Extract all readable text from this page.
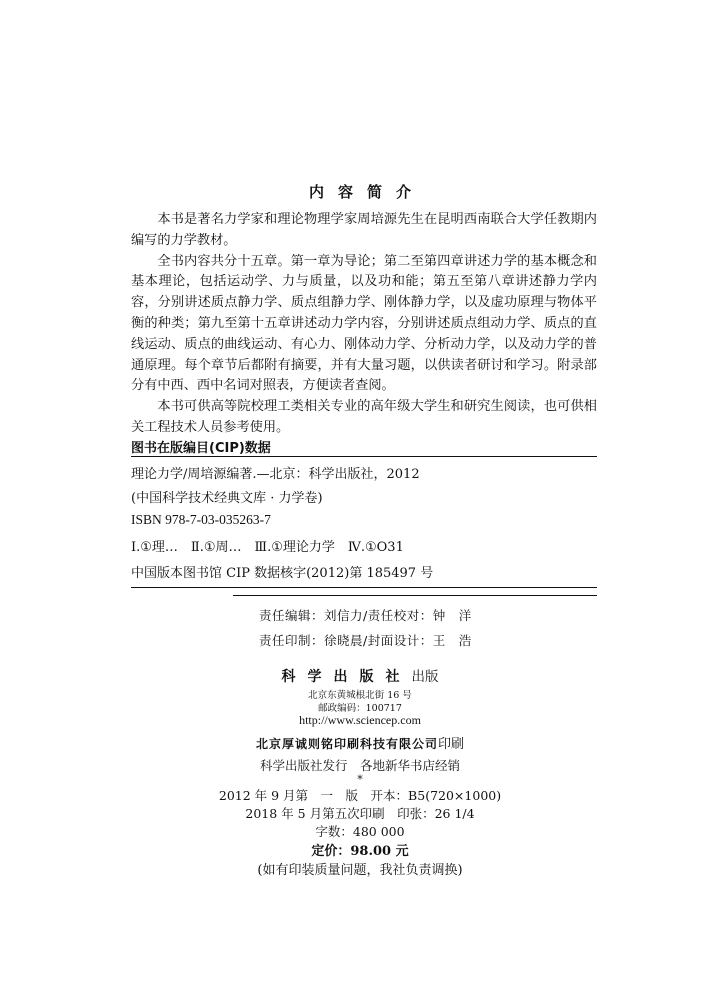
内容简介

本书是著名力学家和理论物理学家周培源先生在昆明西南联合大学任教期内编写的力学教材。

全书内容共分十五章。第一章为导论；第二至第四章讲述力学的基本概念和基本理论，包括运动学、力与质量，以及功和能；第五至第八章讲述静力学内容，分别讲述质点静力学、质点组静力学、刚体静力学，以及虚功原理与物体平衡的种类；第九至第十五章讲述动力学内容，分别讲述质点组动力学、质点的直线运动、质点的曲线运动、有心力、刚体动力学、分析动力学，以及动力学的普通原理。每个章节后都附有摘要，并有大量习题，以供读者研讨和学习。附录部分有中西、西中名词对照表，方便读者查阅。

本书可供高等院校理工类相关专业的高年级大学生和研究生阅读，也可供相关工程技术人员参考使用。

图书在版编目(CIP)数据
理论力学/周培源编著.—北京：科学出版社，2012
(中国科学技术经典文库 · 力学卷)
ISBN 978-7-03-035263-7
Ⅰ.①理…　Ⅱ.①周…　Ⅲ.①理论力学　Ⅳ.①O31
中国版本图书馆 CIP 数据核字(2012)第 185497 号
责任编辑：刘信力/责任校对：钟　洋
责任印制：徐晓晨/封面设计：王　浩
科学出版社出版
北京东黄城根北街 16 号
邮政编码：100717
http://www.sciencep.com
北京厚诚则铭印刷科技有限公司印刷
科学出版社发行　各地新华书店经销
*
2012 年 9 月第　一　版　开本：B5(720×1000)
2018 年 5 月第五次印刷　印张：26 1/4
字数：480 000
定价：98.00 元
(如有印装质量问题，我社负责调换)
